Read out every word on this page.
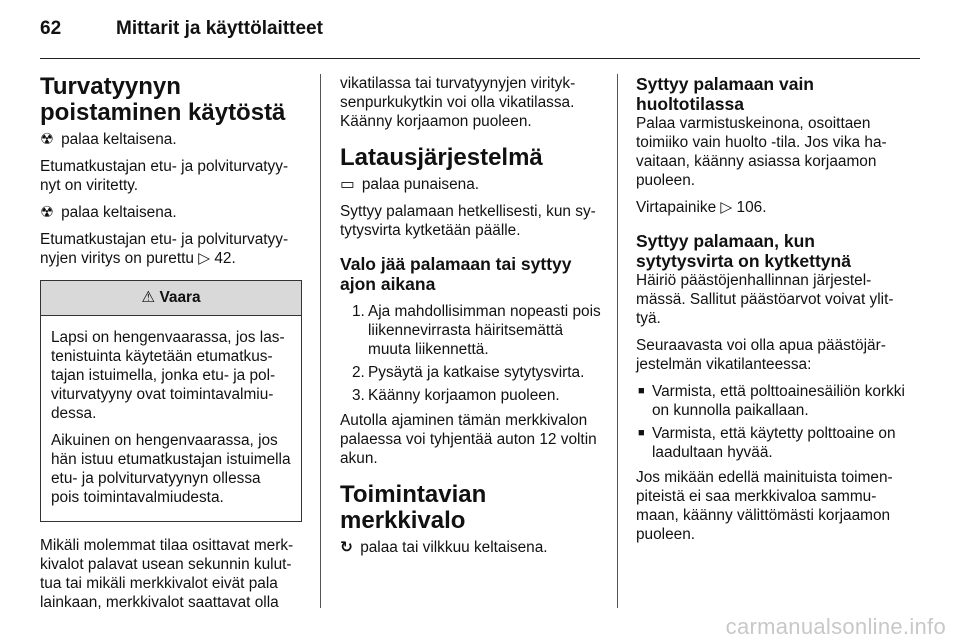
62	Mittarit ja käyttölaitteet
Turvatyynyn poistaminen käytöstä

☢ palaa keltaisena.

Etumatkustajan etu- ja polviturvatyynyt on viritetty.

☢ palaa keltaisena.

Etumatkustajan etu- ja polviturvatyynyjen viritys on purettu ▷ 42.

⚠ Vaara

Lapsi on hengenvaarassa, jos lastenistuinta käytetään etumatkustajan istuimella, jonka etu- ja polviturvatyyny ovat toimintavalmiudessa.

Aikuinen on hengenvaarassa, jos hän istuu etumatkustajan istuimella etu- ja polviturvatyynyn ollessa pois toimintavalmiudesta.

Mikäli molemmat tilaa osittavat merkkivalot palavat usean sekunnin kuluttua tai mikäli merkkivalot eivät pala lainkaan, merkkivalot saattavat olla

vikatilassa tai turvatyynyjen virityksenpurkukytkin voi olla vikatilassa. Käänny korjaamon puoleen.

Latausjärjestelmä

▭ palaa punaisena.

Syttyy palamaan hetkellisesti, kun sytytysvirta kytketään päälle.

Valo jää palamaan tai syttyy ajon aikana
1. Aja mahdollisimman nopeasti pois liikennevirrasta häiritsemättä muuta liikennettä.
2. Pysäytä ja katkaise sytytysvirta.
3. Käänny korjaamon puoleen.

Autolla ajaminen tämän merkkivalon palaessa voi tyhjentää auton 12 voltin akun.

Toimintavian merkkivalo

↻ palaa tai vilkkuu keltaisena.

Syttyy palamaan vain huoltotilassa

Palaa varmistuskeinona, osoittaen toimiiko vain huolto -tila. Jos vika havaitaan, käänny asiassa korjaamon puoleen.

Virtapainike ▷ 106.

Syttyy palamaan, kun sytytysvirta on kytkettynä

Häiriö päästöjenhallinnan järjestelmässä. Sallitut päästöarvot voivat ylittyä.

Seuraavasta voi olla apua päästöjärjestelmän vikatilanteessa:

■ Varmista, että polttoainesäiliön korkki on kunnolla paikallaan.
■ Varmista, että käytetty polttoaine on laadultaan hyvää.

Jos mikään edellä mainituista toimenpiteistä ei saa merkkivaloa sammumaan, käänny välittömästi korjaamon puoleen.

carmanualsonline.info
